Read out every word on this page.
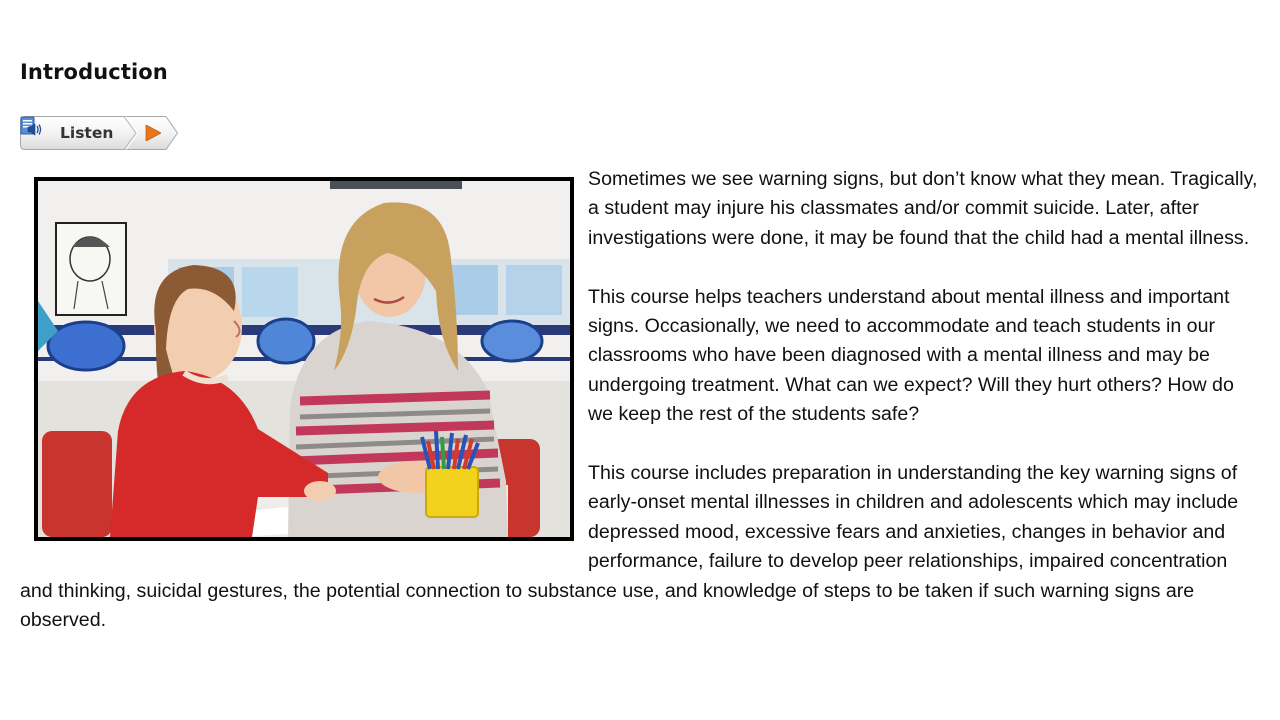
Introduction
Listen

Sometimes we see warning signs, but don’t know what they mean. Tragically, a student may injure his classmates and/or commit suicide. Later, after investigations were done, it may be found that the child had a mental illness.

This course helps teachers understand about mental illness and important signs. Occasionally, we need to accommodate and teach students in our classrooms who have been diagnosed with a mental illness and may be undergoing treatment. What can we expect? Will they hurt others? How do we keep the rest of the students safe?

This course includes preparation in understanding the key warning signs of early-onset mental illnesses in children and adolescents which may include depressed mood, excessive fears and anxieties, changes in behavior and performance, failure to develop peer relationships, impaired concentration and thinking, suicidal gestures, the potential connection to substance use, and knowledge of steps to be taken if such warning signs are observed.
